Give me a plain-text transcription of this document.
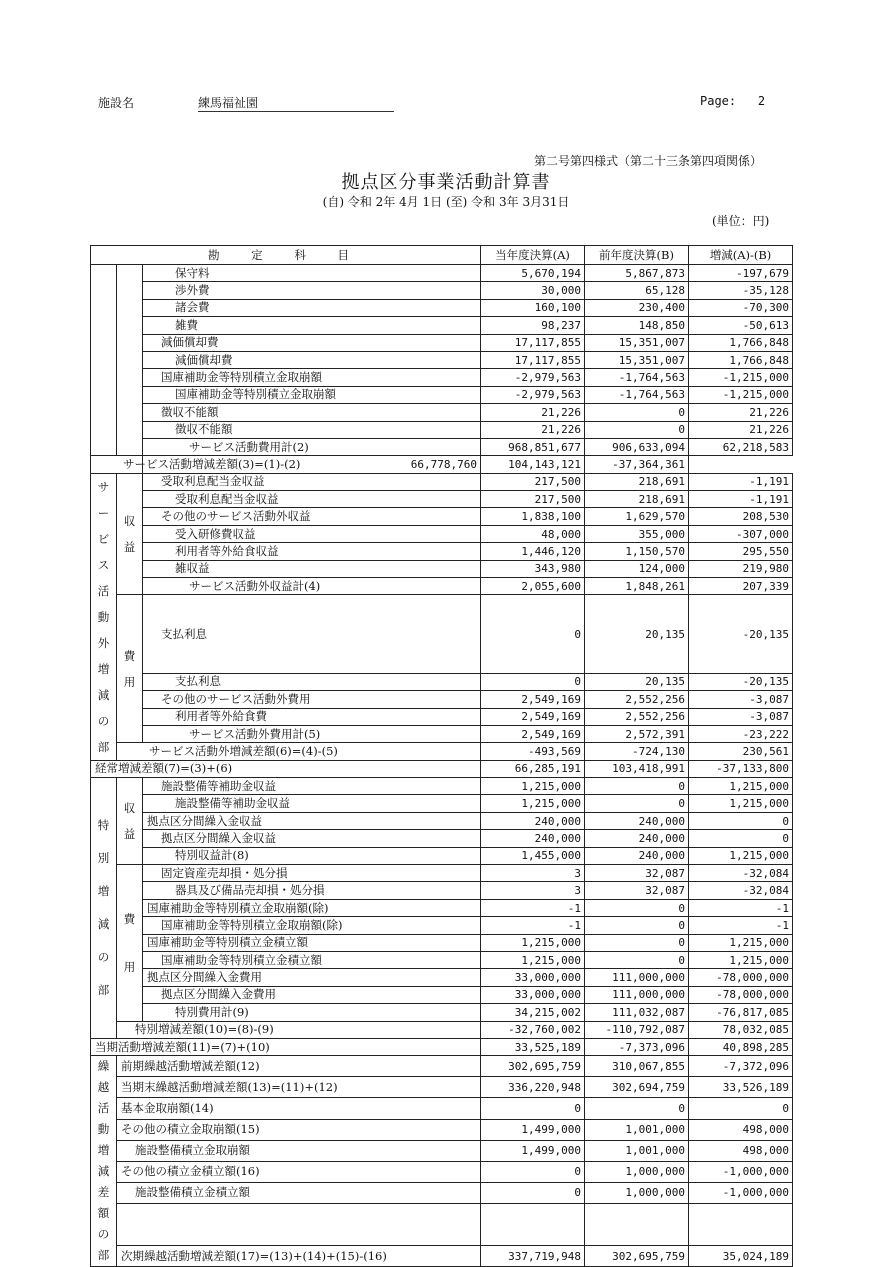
施設名	練馬福祉園	Page: 2
第二号第四様式（第二十三条第四項関係）
拠点区分事業活動計算書
(自) 令和 2年 4月 1日 (至) 令和 3年 3月31日
(単位：円)
勘 定 科 目			当年度決算(A)	前年度決算(B)	増減(A)-(B)
		保守料	5,670,194	5,867,873	-197,679
		渉外費	30,000	65,128	-35,128
		諸会費	160,100	230,400	-70,300
		雑費	98,237	148,850	-50,613
		減価償却費	17,117,855	15,351,007	1,766,848
		減価償却費	17,117,855	15,351,007	1,766,848
		国庫補助金等特別積立金取崩額	-2,979,563	-1,764,563	-1,215,000
		国庫補助金等特別積立金取崩額	-2,979,563	-1,764,563	-1,215,000
		徴収不能額	21,226	0	21,226
		徴収不能額	21,226	0	21,226
		サービス活動費用計(2)	968,851,677	906,633,094	62,218,583
サービス活動増減差額(3)=(1)-(2)		66,778,760	104,143,121	-37,364,361	

サービス活動外増減の部	収益	受取利息配当金収益	217,500	218,691	-1,191
		受取利息配当金収益	217,500	218,691	-1,191
		その他のサービス活動外収益	1,838,100	1,629,570	208,530
		受入研修費収益	48,000	355,000	-307,000
		利用者等外給食収益	1,446,120	1,150,570	295,550
		雑収益	343,980	124,000	219,980
		サービス活動外収益計(4)	2,055,600	1,848,261	207,339

	費用	支払利息	0	20,135	-20,135
		支払利息	0	20,135	-20,135
		その他のサービス活動外費用	2,549,169	2,552,256	-3,087
		利用者等外給食費	2,549,169	2,552,256	-3,087
		サービス活動外費用計(5)	2,549,169	2,572,391	-23,222
	サービス活動外増減差額(6)=(4)-(5)		-493,569	-724,130	230,561
経常増減差額(7)=(3)+(6)			66,285,191	103,418,991	-37,133,800

特別増減の部	収益	施設整備等補助金収益	1,215,000	0	1,215,000
		施設整備等補助金収益	1,215,000	0	1,215,000
		拠点区分間繰入金収益	240,000	240,000	0
		拠点区分間繰入金収益	240,000	240,000	0
		特別収益計(8)	1,455,000	240,000	1,215,000

	費用	固定資産売却損・処分損	3	32,087	-32,084
		器具及び備品売却損・処分損	3	32,087	-32,084
		国庫補助金等特別積立金取崩額(除)	-1	0	-1
		国庫補助金等特別積立金取崩額(除)	-1	0	-1
		国庫補助金等特別積立金積立額	1,215,000	0	1,215,000
		国庫補助金等特別積立金積立額	1,215,000	0	1,215,000
		拠点区分間繰入金費用	33,000,000	111,000,000	-78,000,000
		拠点区分間繰入金費用	33,000,000	111,000,000	-78,000,000
		特別費用計(9)	34,215,002	111,032,087	-76,817,085
	特別増減差額(10)=(8)-(9)		-32,760,002	-110,792,087	78,032,085
当期活動増減差額(11)=(7)+(10)			33,525,189	-7,373,096	40,898,285

繰越活動増減差額の部	前期繰越活動増減差額(12)		302,695,759	310,067,855	-7,372,096
	当期末繰越活動増減差額(13)=(11)+(12)		336,220,948	302,694,759	33,526,189
	基本金取崩額(14)		0	0	0
	その他の積立金取崩額(15)		1,499,000	1,001,000	498,000
	施設整備積立金取崩額		1,499,000	1,001,000	498,000
	その他の積立金積立額(16)		0	1,000,000	-1,000,000
	施設整備積立金積立額		0	1,000,000	-1,000,000

	次期繰越活動増減差額(17)=(13)+(14)+(15)-(16)		337,719,948	302,695,759	35,024,189
